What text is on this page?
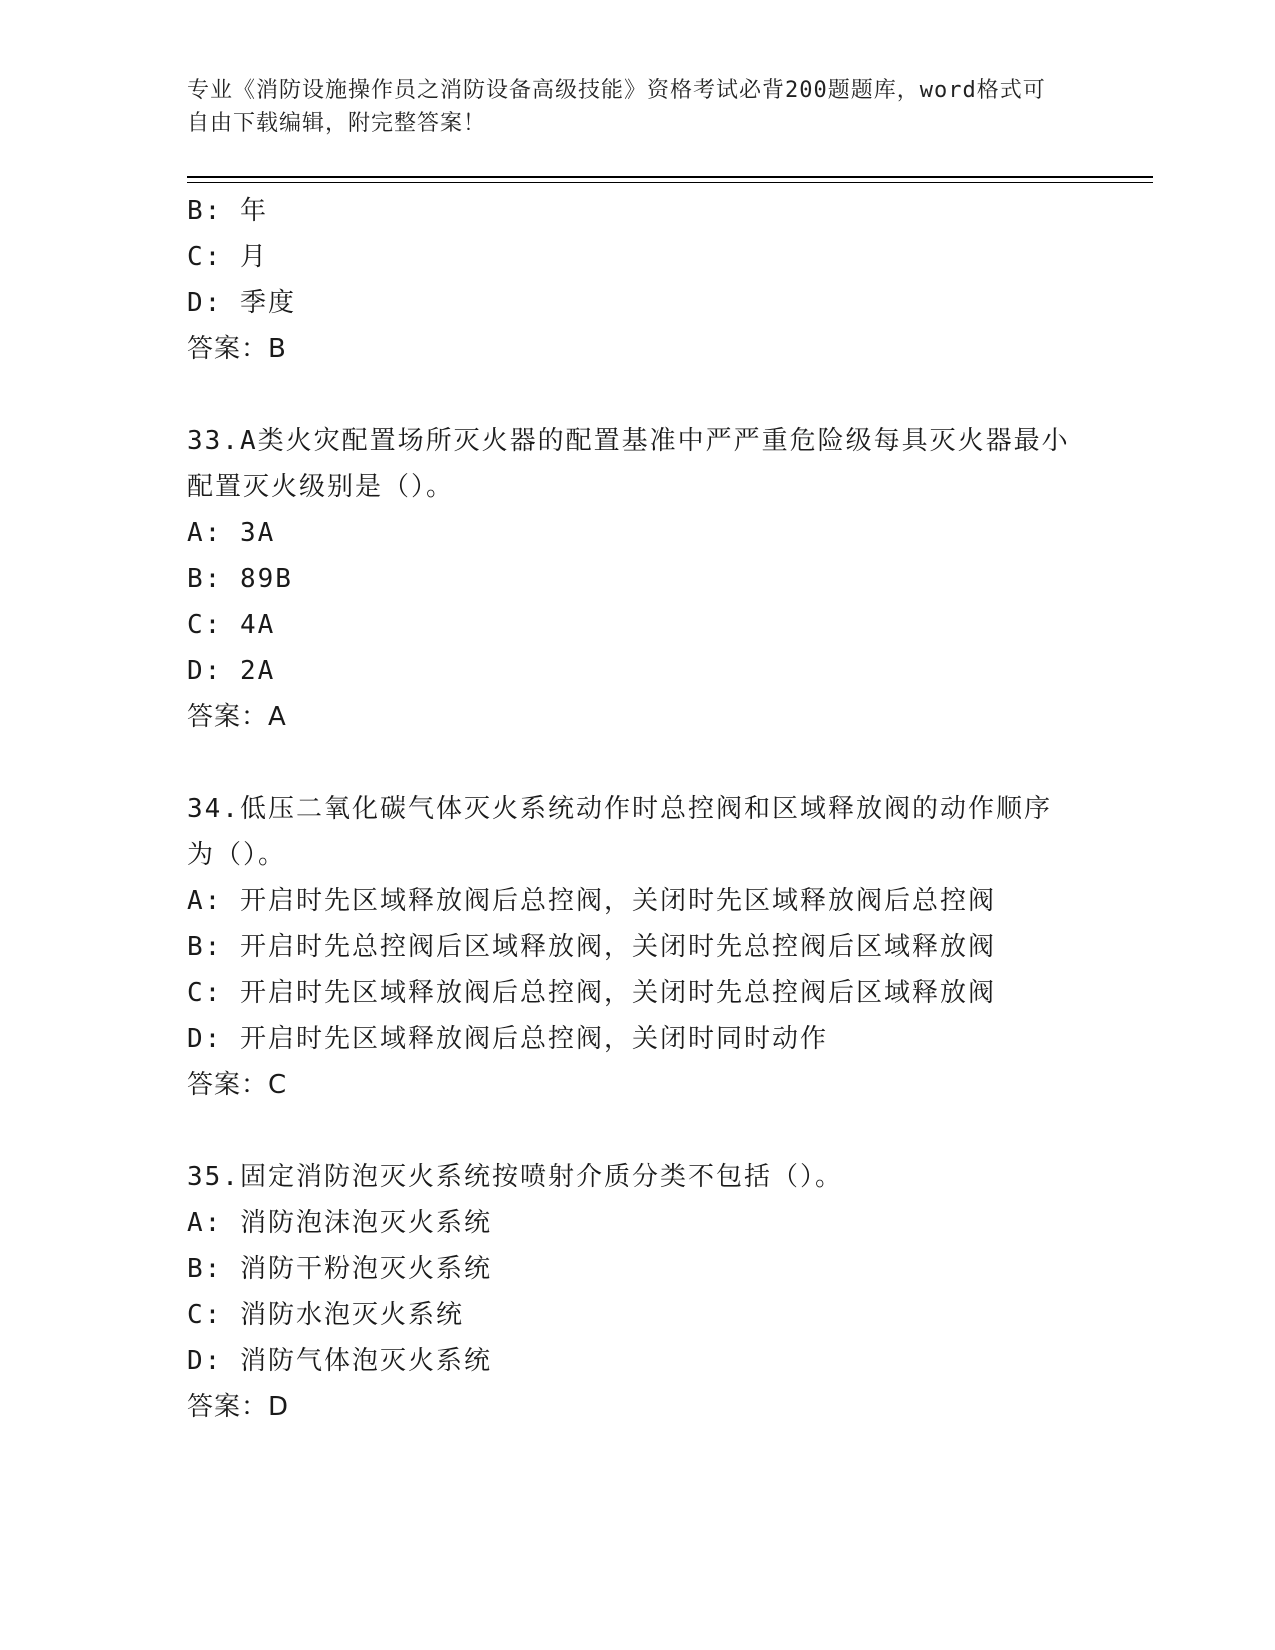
专业《消防设施操作员之消防设备高级技能》资格考试必背200题题库，word格式可自由下载编辑，附完整答案！
B: 年
C: 月
D: 季度
答案：B
33.A类火灾配置场所灭火器的配置基准中严严重危险级每具灭火器最小配置灭火级别是（）。
A: 3A
B: 89B
C: 4A
D: 2A
答案：A
34.低压二氧化碳气体灭火系统动作时总控阀和区域释放阀的动作顺序为（）。
A: 开启时先区域释放阀后总控阀，关闭时先区域释放阀后总控阀
B: 开启时先总控阀后区域释放阀，关闭时先总控阀后区域释放阀
C: 开启时先区域释放阀后总控阀，关闭时先总控阀后区域释放阀
D: 开启时先区域释放阀后总控阀，关闭时同时动作
答案：C
35.固定消防泡灭火系统按喷射介质分类不包括（）。
A: 消防泡沫泡灭火系统
B: 消防干粉泡灭火系统
C: 消防水泡灭火系统
D: 消防气体泡灭火系统
答案：D
